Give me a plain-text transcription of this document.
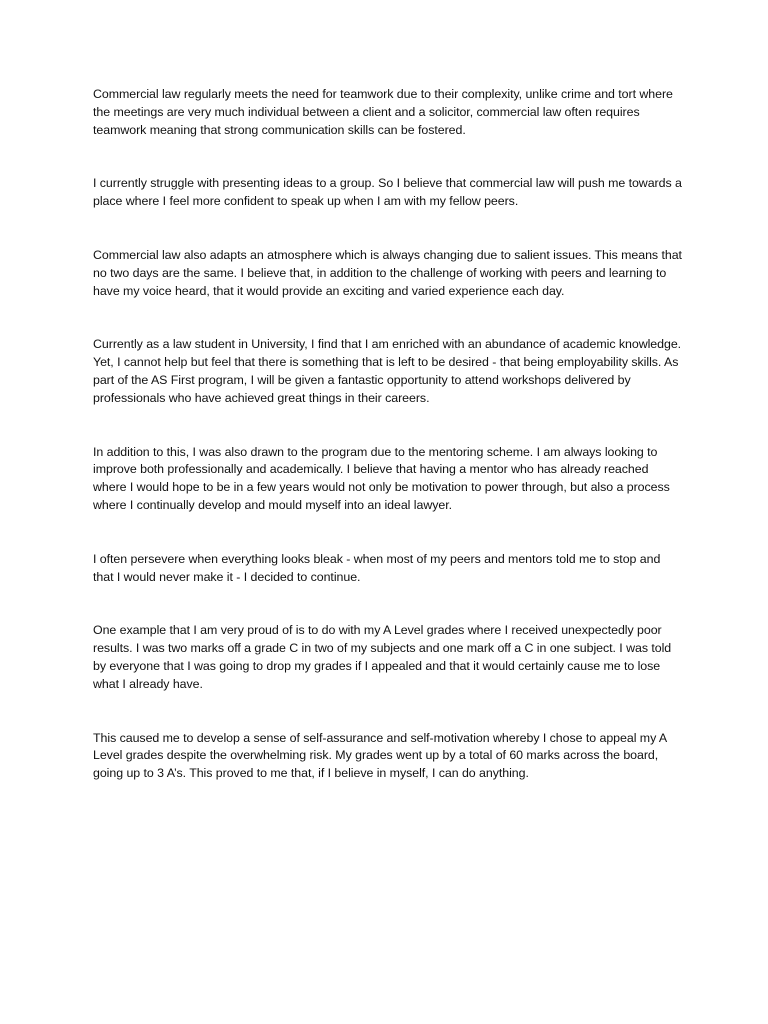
Commercial law regularly meets the need for teamwork due to their complexity, unlike crime and tort where the meetings are very much individual between a client and a solicitor, commercial law often requires teamwork meaning that strong communication skills can be fostered.

I currently struggle with presenting ideas to a group. So I believe that commercial law will push me towards a place where I feel more confident to speak up when I am with my fellow peers.

Commercial law also adapts an atmosphere which is always changing due to salient issues. This means that no two days are the same. I believe that, in addition to the challenge of working with peers and learning to have my voice heard, that it would provide an exciting and varied experience each day.

Currently as a law student in University, I find that I am enriched with an abundance of academic knowledge. Yet, I cannot help but feel that there is something that is left to be desired - that being employability skills. As part of the AS First program, I will be given a fantastic opportunity to attend workshops delivered by professionals who have achieved great things in their careers.

In addition to this, I was also drawn to the program due to the mentoring scheme. I am always looking to improve both professionally and academically. I believe that having a mentor who has already reached where I would hope to be in a few years would not only be motivation to power through, but also a process where I continually develop and mould myself into an ideal lawyer.

I often persevere when everything looks bleak - when most of my peers and mentors told me to stop and that I would never make it - I decided to continue.

One example that I am very proud of is to do with my A Level grades where I received unexpectedly poor results. I was two marks off a grade C in two of my subjects and one mark off a C in one subject. I was told by everyone that I was going to drop my grades if I appealed and that it would certainly cause me to lose what I already have.

This caused me to develop a sense of self-assurance and self-motivation whereby I chose to appeal my A Level grades despite the overwhelming risk. My grades went up by a total of 60 marks across the board, going up to 3 A’s. This proved to me that, if I believe in myself, I can do anything.
